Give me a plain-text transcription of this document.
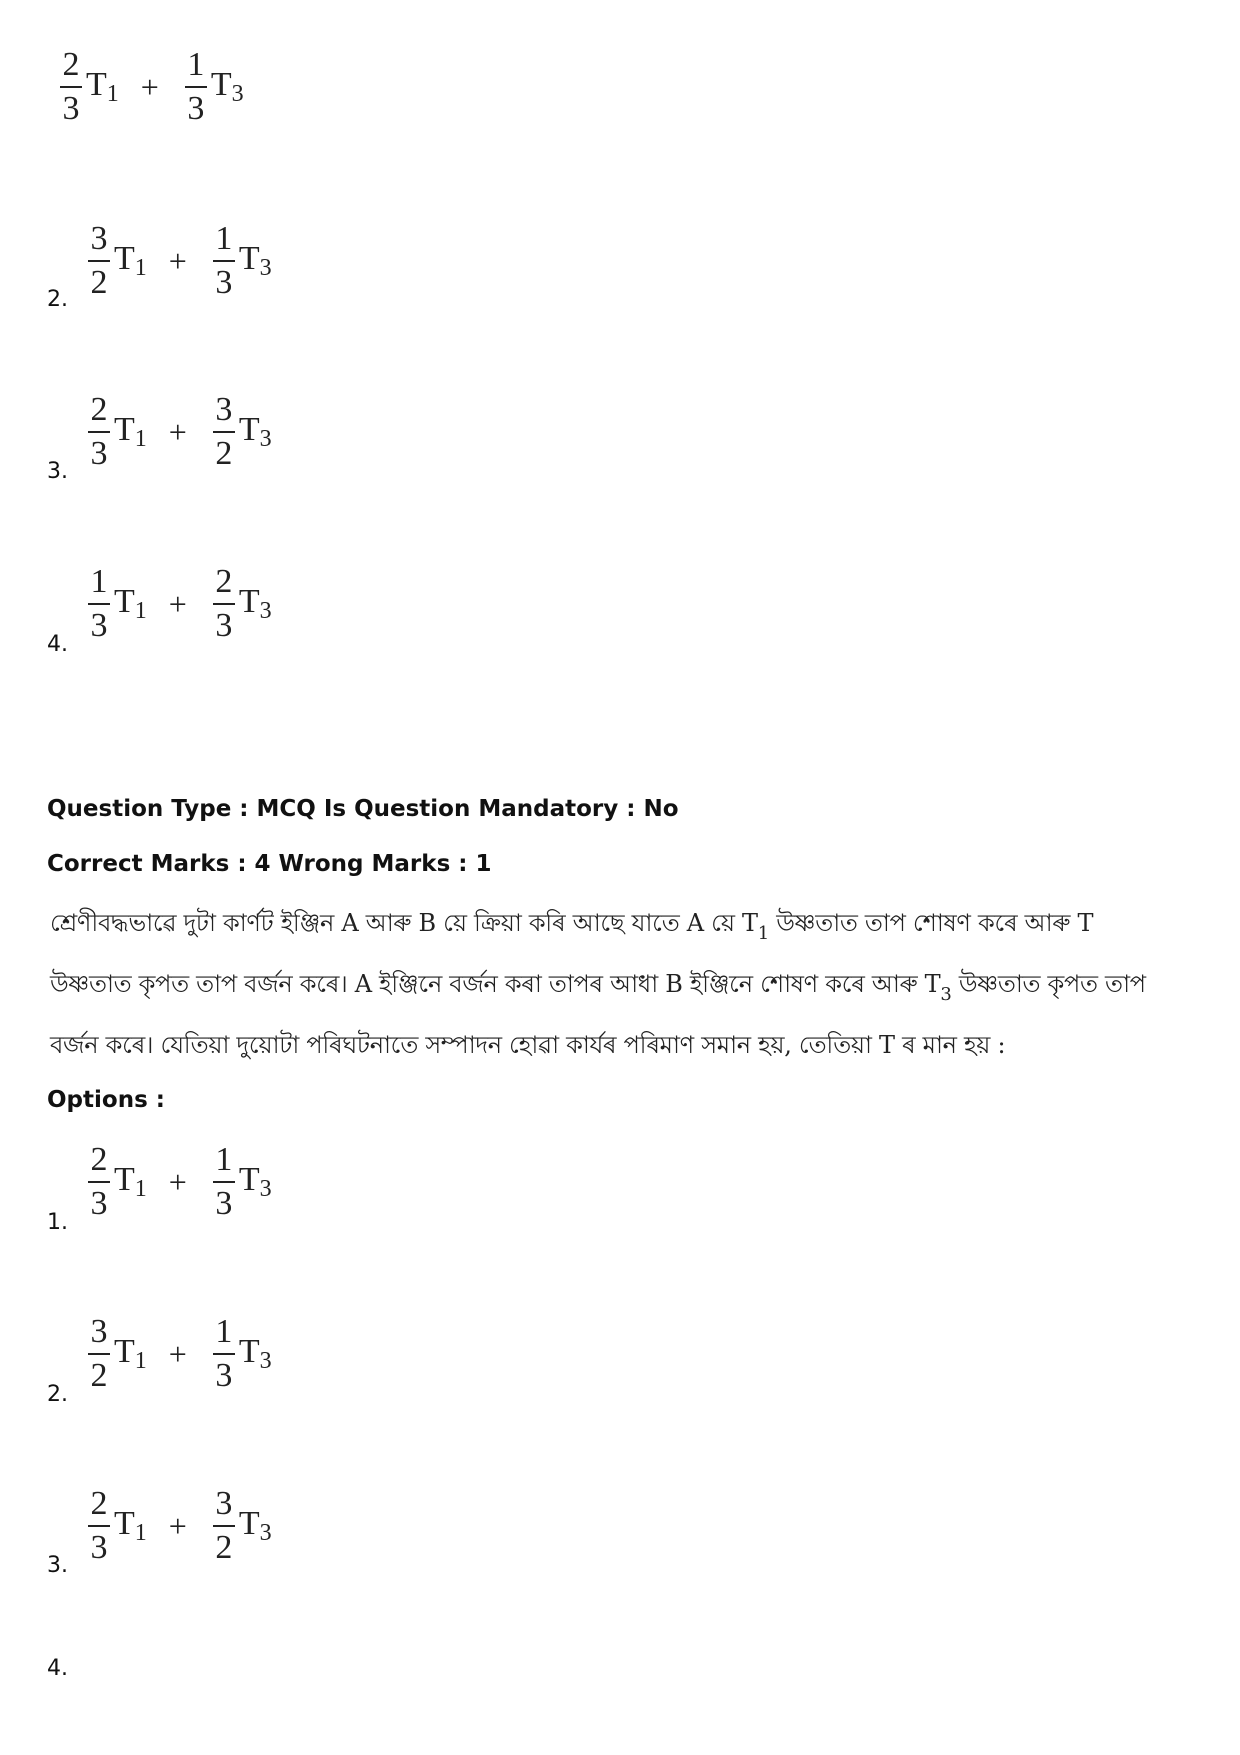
$\frac{2}{3} T_1 + \frac{1}{3} T_3$
2. $\frac{3}{2} T_1 + \frac{1}{3} T_3$
3.
$\frac{2}{3} T_1 + \frac{3}{2} T_3$
4.
$\frac{1}{3} T_1 + \frac{2}{3} T_3$
Question Type : MCQ Is Question Mandatory : No
Correct Marks : 4 Wrong Marks : 1
শ্ৰেণীবদ্ধভাৱে দুটা কাৰ্ণট ইঞ্জিন A আৰু B য়ে ক্ৰিয়া কৰি আছে যাতে A য়ে $T_1$ উষ্ণতাত তাপ শোষণ কৰে আৰু T
উষ্ণতাত কৃপত তাপ বৰ্জন কৰে। A ইঞ্জিনে বৰ্জন কৰা তাপৰ আধা B ইঞ্জিনে শোষণ কৰে আৰু $T_3$ উষ্ণতাত কৃপত তাপ
বৰ্জন কৰে। যেতিয়া দুয়োটা পৰিঘটনাতে সম্পাদন হোৱা কাৰ্যৰ পৰিমাণ সমান হয়, তেতিয়া T ৰ মান হয় :
Options :
1.
$\frac{2}{3} T_1 + \frac{1}{3} T_3$
2.
$\frac{3}{2} T_1 + \frac{1}{3} T_3$
3.
$\frac{2}{3} T_1 + \frac{3}{2} T_3$
4.
